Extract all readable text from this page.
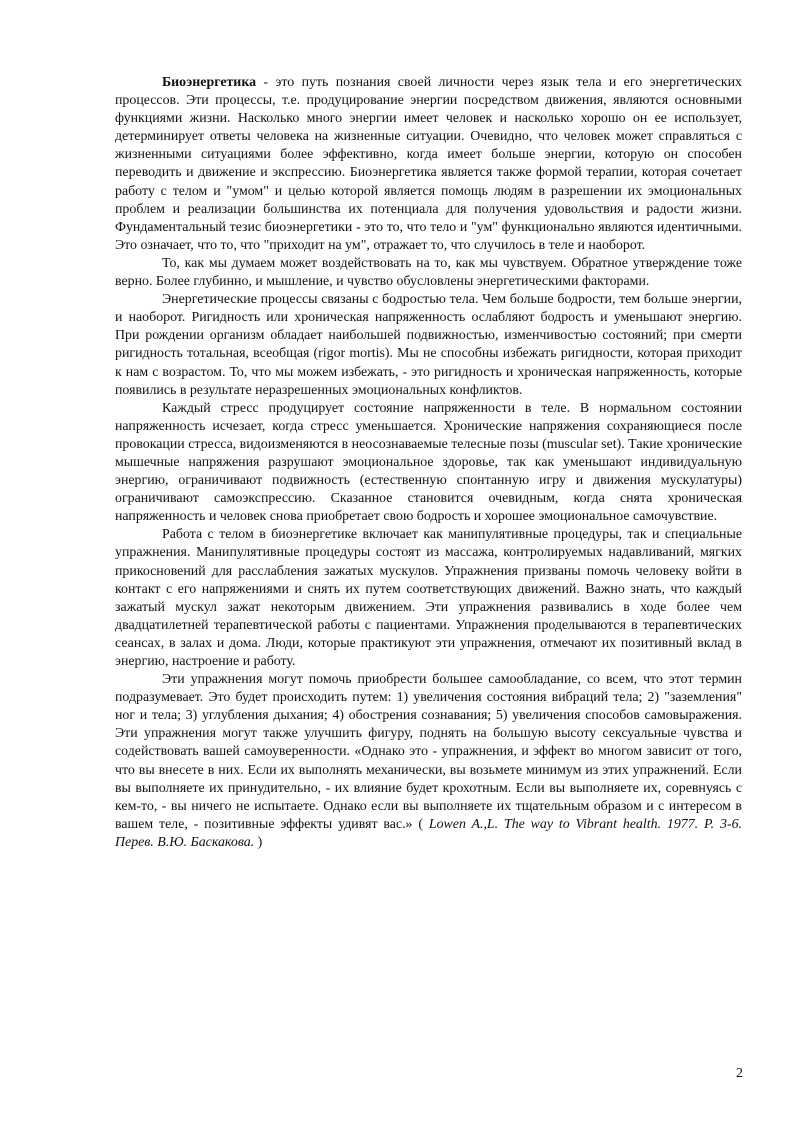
Биоэнергетика - это путь познания своей личности через язык тела и его энергетических процессов. Эти процессы, т.е. продуцирование энергии посредством движения, являются основными функциями жизни. Насколько много энергии имеет человек и насколько хорошо он ее использует, детерминирует ответы человека на жизненные ситуации. Очевидно, что человек может справляться с жизненными ситуациями более эффективно, когда имеет больше энергии, которую он способен переводить и движение и экспрессию. Биоэнергетика является также формой терапии, которая сочетает работу с телом и "умом" и целью которой является помощь людям в разрешении их эмоциональных проблем и реализации большинства их потенциала для получения удовольствия и радости жизни. Фундаментальный тезис биоэнергетики - это то, что тело и "ум" функционально являются идентичными. Это означает, что то, что "приходит на ум", отражает то, что случилось в теле и наоборот.

То, как мы думаем может воздействовать на то, как мы чувствуем. Обратное утверждение тоже верно. Более глубинно, и мышление, и чувство обусловлены энергетическими факторами.

Энергетические процессы связаны с бодростью тела. Чем больше бодрости, тем больше энергии, и наоборот. Ригидность или хроническая напряженность ослабляют бодрость и уменьшают энергию. При рождении организм обладает наибольшей подвижностью, изменчивостью состояний; при смерти ригидность тотальная, всеобщая (rigor mortis). Мы не способны избежать ригидности, которая приходит к нам с возрастом. То, что мы можем избежать, - это ригидность и хроническая напряженность, которые появились в результате неразрешенных эмоциональных конфликтов.

Каждый стресс продуцирует состояние напряженности в теле. В нормальном состоянии напряженность исчезает, когда стресс уменьшается. Хронические напряжения сохраняющиеся после провокации стресса, видоизменяются в неосознаваемые телесные позы (muscular set). Такие хронические мышечные напряжения разрушают эмоциональное здоровье, так как уменьшают индивидуальную энергию, ограничивают подвижность (естественную спонтанную игру и движения мускулатуры) ограничивают самоэкспрессию. Сказанное становится очевидным, когда снята хроническая напряженность и человек снова приобретает свою бодрость и хорошее эмоциональное самочувствие.

Работа с телом в биоэнергетике включает как манипулятивные процедуры, так и специальные упражнения. Манипулятивные процедуры состоят из массажа, контролируемых надавливаний, мягких прикосновений для расслабления зажатых мускулов. Упражнения призваны помочь человеку войти в контакт с его напряжениями и снять их путем соответствующих движений. Важно знать, что каждый зажатый мускул зажат некоторым движением. Эти упражнения развивались в ходе более чем двадцатилетней терапевтической работы с пациентами. Упражнения проделываются в терапевтических сеансах, в залах и дома. Люди, которые практикуют эти упражнения, отмечают их позитивный вклад в энергию, настроение и работу.

Эти упражнения могут помочь приобрести большее самообладание, со всем, что этот термин подразумевает. Это будет происходить путем: 1) увеличения состояния вибраций тела; 2) "заземления" ног и тела; 3) углубления дыхания; 4) обострения сознавания; 5) увеличения способов самовыражения. Эти упражнения могут также улучшить фигуру, поднять на большую высоту сексуальные чувства и содействовать вашей самоуверенности. «Однако это - упражнения, и эффект во многом зависит от того, что вы внесете в них. Если их выполнять механически, вы возьмете минимум из этих упражнений. Если вы выполняете их принудительно, - их влияние будет крохотным. Если вы выполняете их, соревнуясь с кем-то, - вы ничего не испытаете. Однако если вы выполняете их тщательным образом и с интересом в вашем теле, - позитивные эффекты удивят вас.» ( Lowen A.,L. The way to Vibrant health. 1977. P. 3-6. Перев. В.Ю. Баскакова. )

2
